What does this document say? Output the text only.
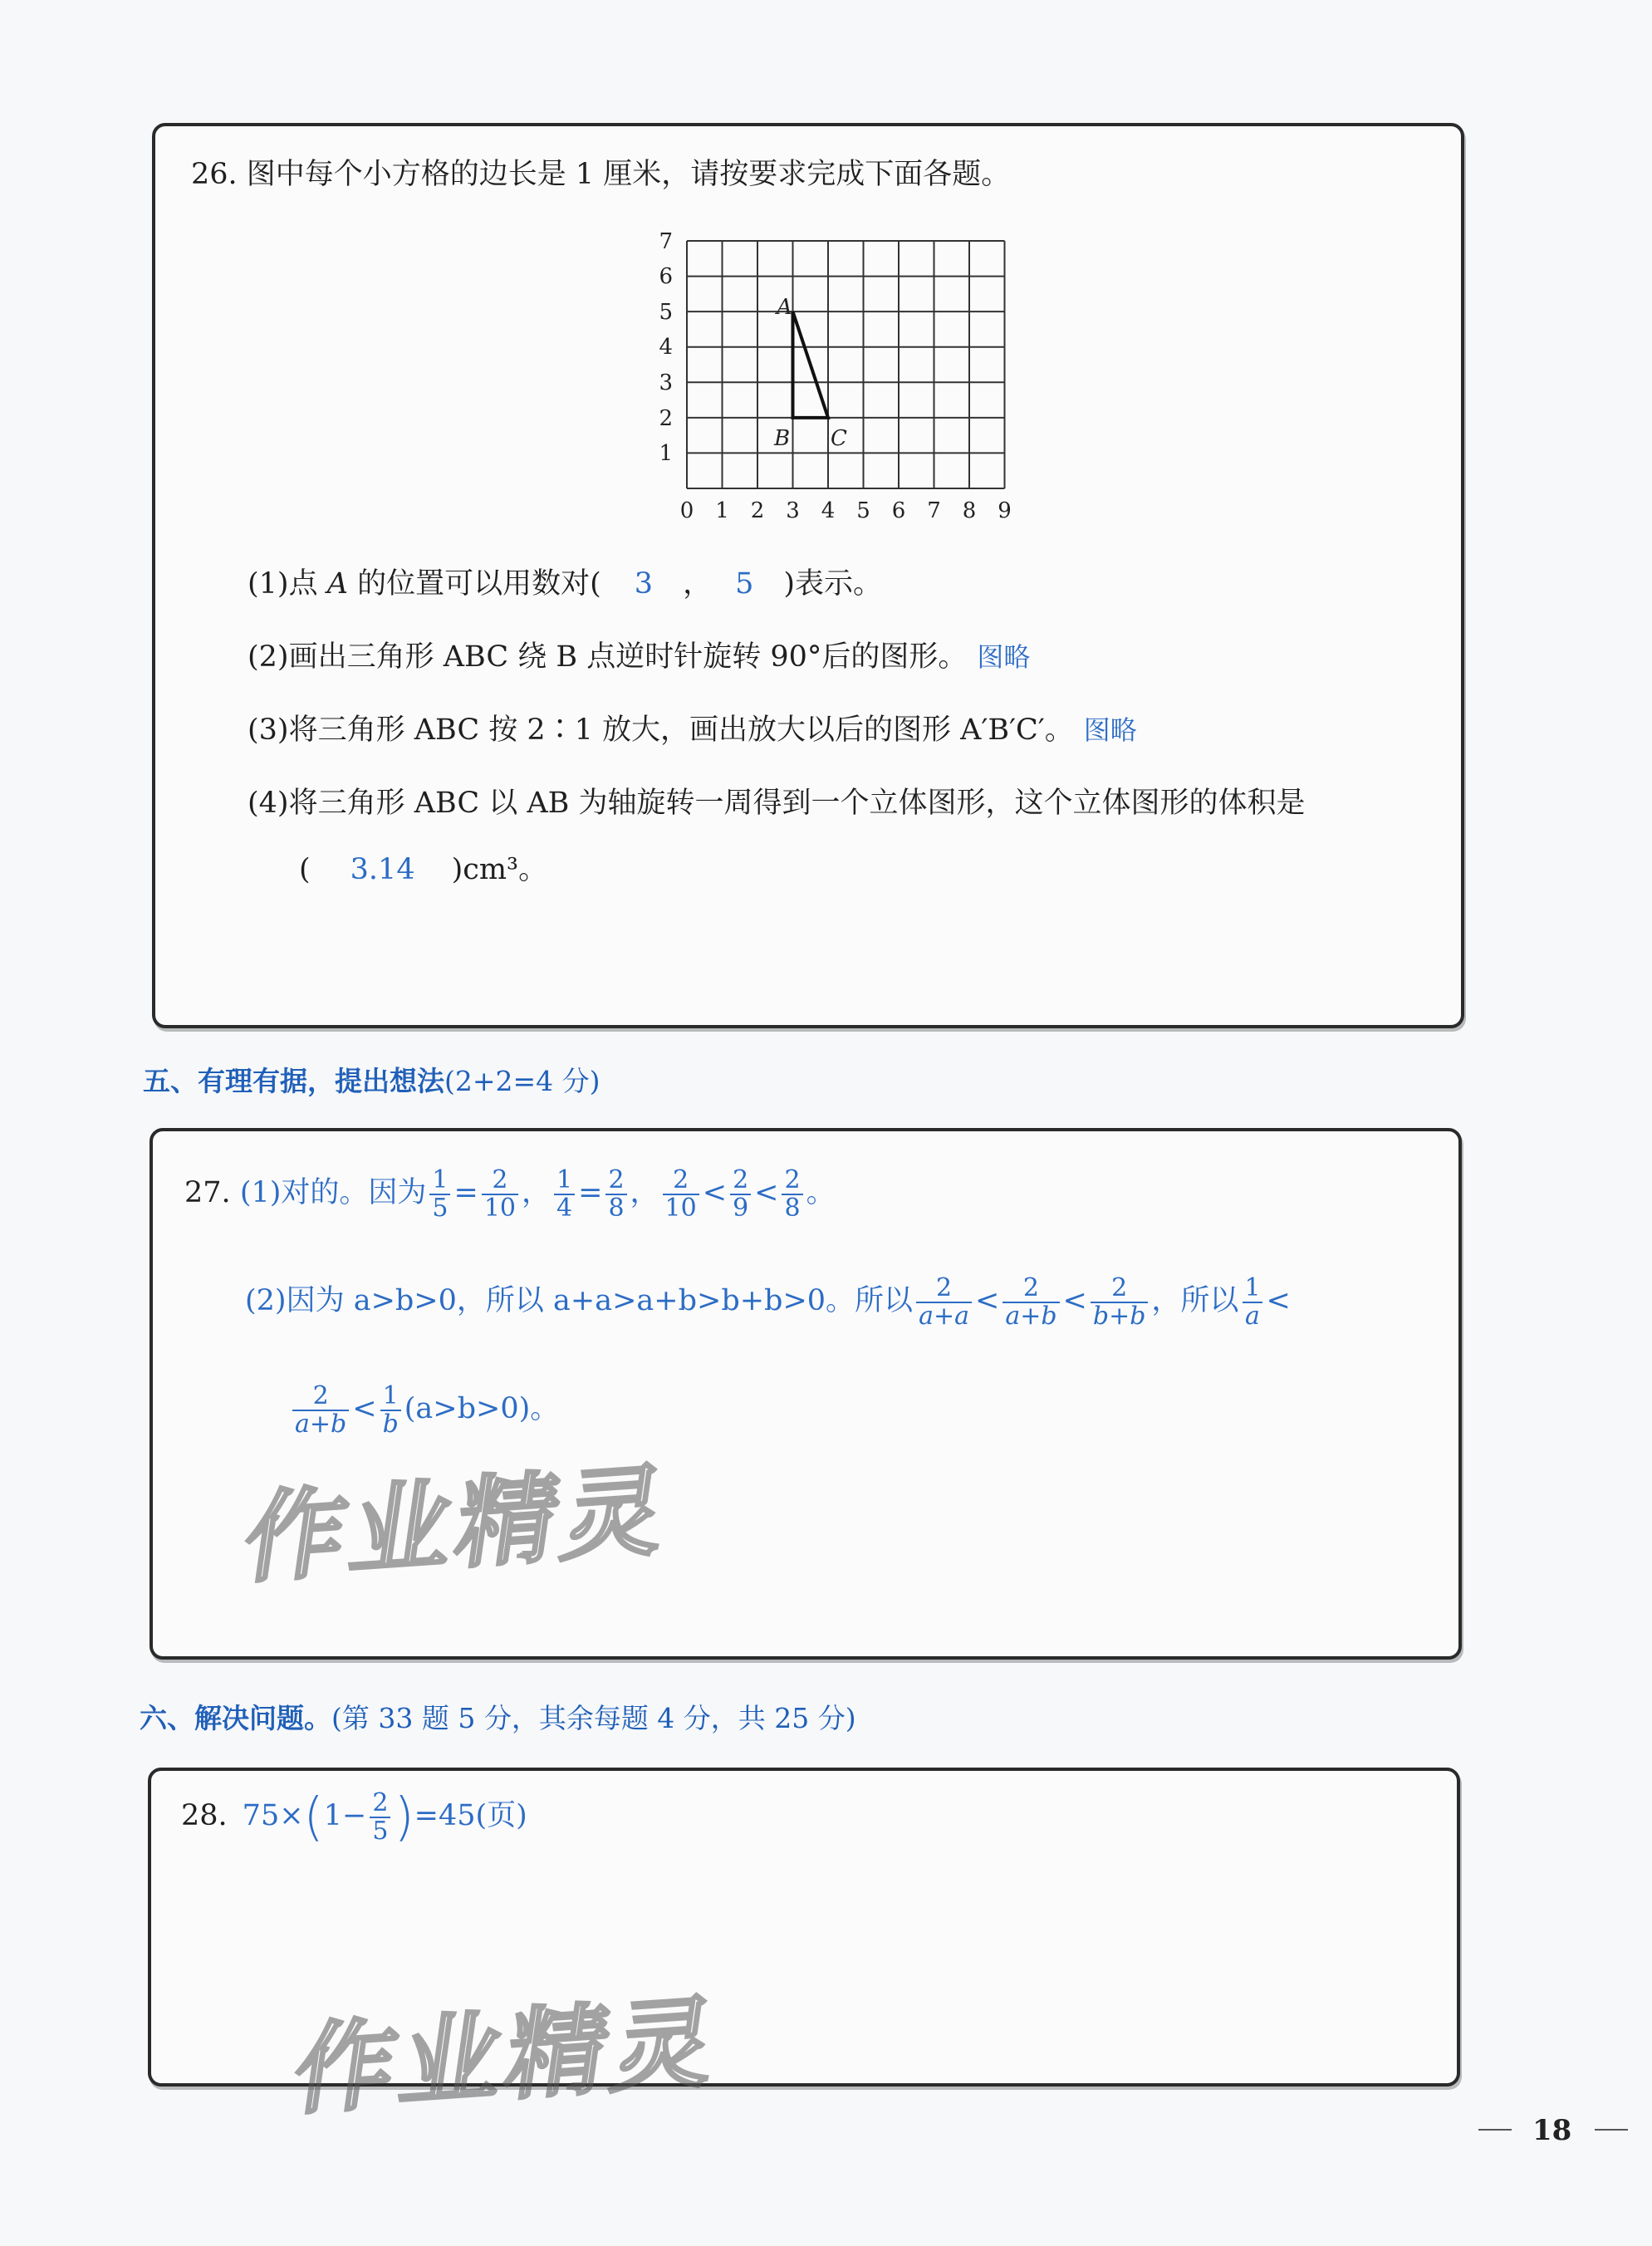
26. 图中每个小方格的边长是 1 厘米，请按要求完成下面各题。
7
6
5
4
3
2
1
0 1 2 3 4 5 6 7 8 9
A
B C
(1)点 A 的位置可以用数对( 3 ， 5 )表示。
(2)画出三角形 ABC 绕 B 点逆时针旋转 90°后的图形。 图略
(3)将三角形 ABC 按 2∶1 放大，画出放大以后的图形 A′B′C′。 图略
(4)将三角形 ABC 以 AB 为轴旋转一周得到一个立体图形，这个立体图形的体积是
( 3.14 )cm³。
五、有理有据，提出想法(2+2=4 分)
27. (1)对的。因为 $\frac{1}{5} = \frac{2}{10}$ ， $\frac{1}{4} = \frac{2}{8}$ ， $\frac{2}{10} < \frac{2}{9} < \frac{2}{8}$ 。
(2)因为 a>b>0，所以 a+a>a+b>b+b>0。所以 $\frac{2}{a+a} < \frac{2}{a+b} < \frac{2}{b+b}$ ，所以 $\frac{1}{a}$ <
$\frac{2}{a+b} < \frac{1}{b} (a>b>0)$。
作业精灵
六、解决问题。(第 33 题 5 分，其余每题 4 分，共 25 分)
28. $75\times(1- \frac{2}{5} )=45$(页)
作业精灵
18
